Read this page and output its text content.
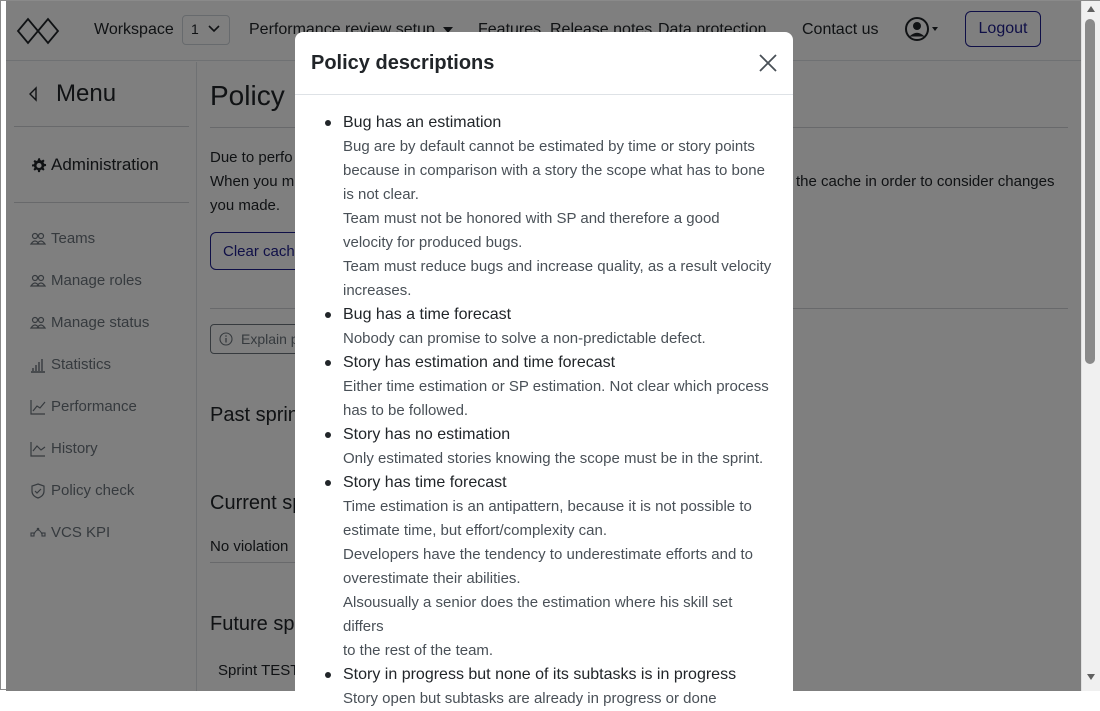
Policy descriptions
Bug has an estimation
Bug are by default cannot be estimated by time or story points
because in comparison with a story the scope what has to bone
is not clear.
Team must not be honored with SP and therefore a good
velocity for produced bugs.
Team must reduce bugs and increase quality, as a result velocity
increases.
Bug has a time forecast
Nobody can promise to solve a non-predictable defect.
Story has estimation and time forecast
Either time estimation or SP estimation. Not clear which process
has to be followed.
Story has no estimation
Only estimated stories knowing the scope must be in the sprint.
Story has time forecast
Time estimation is an antipattern, because it is not possible to
estimate time, but effort/complexity can.
Developers have the tendency to underestimate efforts and to
overestimate their abilities.
Alsousually a senior does the estimation where his skill set differs
to the rest of the team.
Story in progress but none of its subtasks is in progress
Story open but subtasks are already in progress or done
